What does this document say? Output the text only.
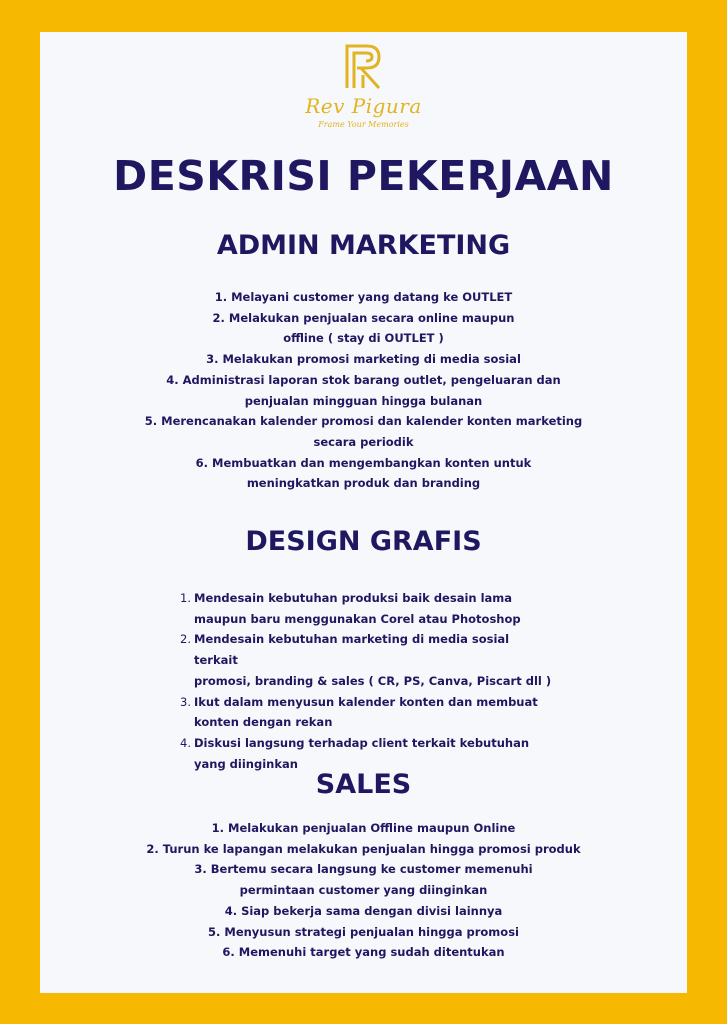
Rev Pigura
Frame Your Memories
DESKRISI PEKERJAAN
ADMIN MARKETING
1. Melayani customer yang datang ke OUTLET
2. Melakukan penjualan secara online maupun
offline ( stay di OUTLET )
3. Melakukan promosi marketing di media sosial
4. Administrasi laporan stok barang outlet, pengeluaran dan
penjualan mingguan hingga bulanan
5. Merencanakan kalender promosi dan kalender konten marketing
secara periodik
6. Membuatkan dan mengembangkan konten untuk
meningkatkan produk dan branding
DESIGN GRAFIS
1. Mendesain kebutuhan produksi baik desain lama
maupun baru menggunakan Corel atau Photoshop
2. Mendesain kebutuhan marketing di media sosial terkait
promosi, branding & sales ( CR, PS, Canva, Piscart dll )
3. Ikut dalam menyusun kalender konten dan membuat
konten dengan rekan
4. Diskusi langsung terhadap client terkait kebutuhan
yang diinginkan
SALES
1. Melakukan penjualan Offline maupun Online
2. Turun ke lapangan melakukan penjualan hingga promosi produk
3. Bertemu secara langsung ke customer memenuhi
permintaan customer yang diinginkan
4. Siap bekerja sama dengan divisi lainnya
5. Menyusun strategi penjualan hingga promosi
6. Memenuhi target yang sudah ditentukan
